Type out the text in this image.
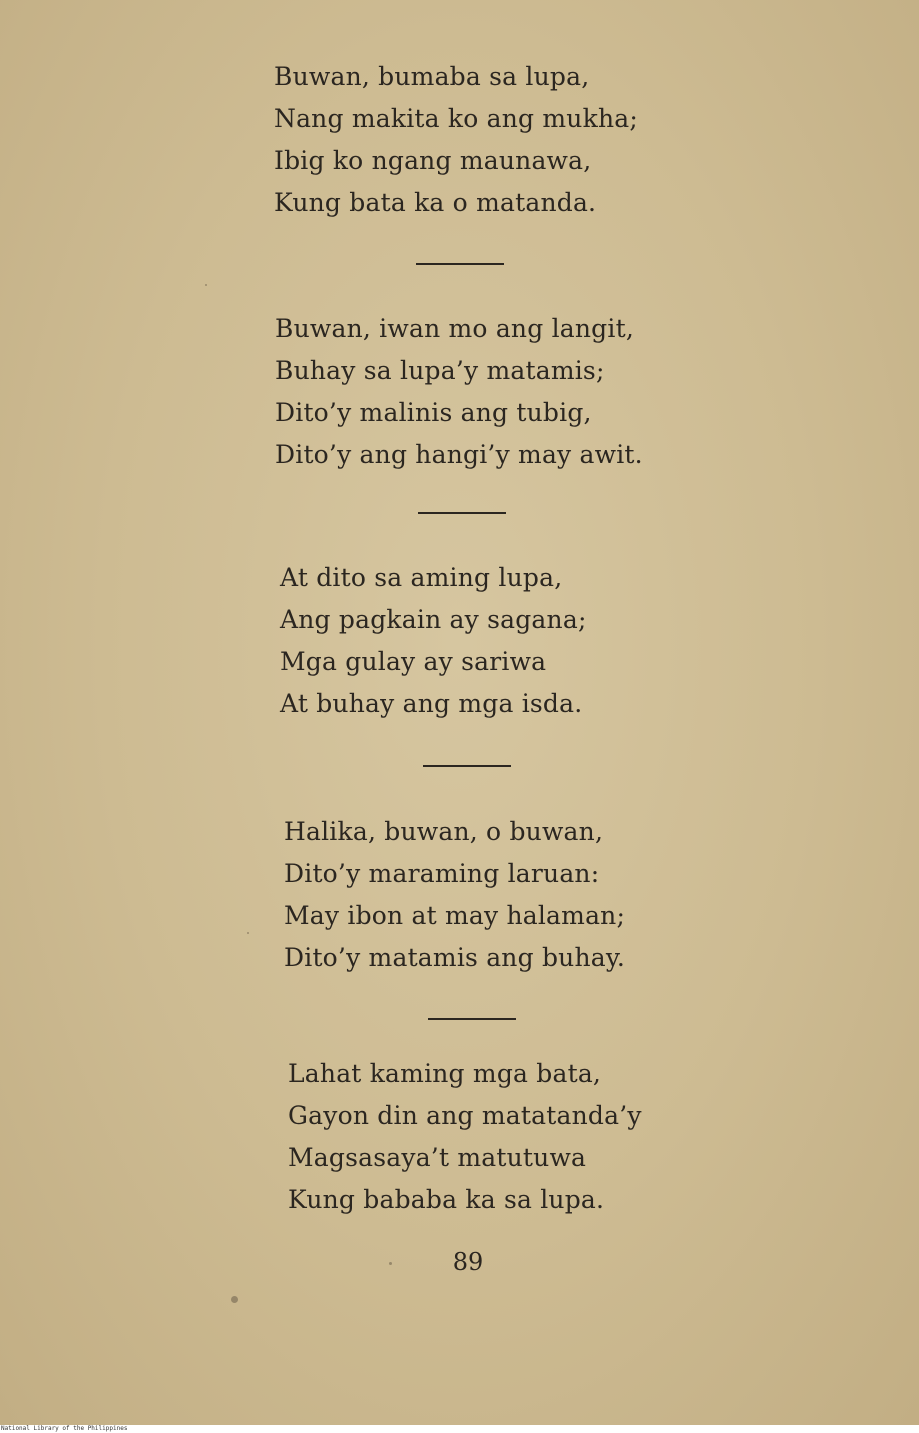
Buwan, bumaba sa lupa,
Nang makita ko ang mukha;
Ibig ko ngang maunawa,
Kung bata ka o matanda.
Buwan, iwan mo ang langit,
Buhay sa lupa’y matamis;
Dito’y malinis ang tubig,
Dito’y ang hangi’y may awit.
At dito sa aming lupa,
Ang pagkain ay sagana;
Mga gulay ay sariwa
At buhay ang mga isda.
Halika, buwan, o buwan,
Dito’y maraming laruan:
May ibon at may halaman;
Dito’y matamis ang buhay.
Lahat kaming mga bata,
Gayon din ang matatanda’y
Magsasaya’t matutuwa
Kung bababa ka sa lupa.
89
National Library of the Philippines
